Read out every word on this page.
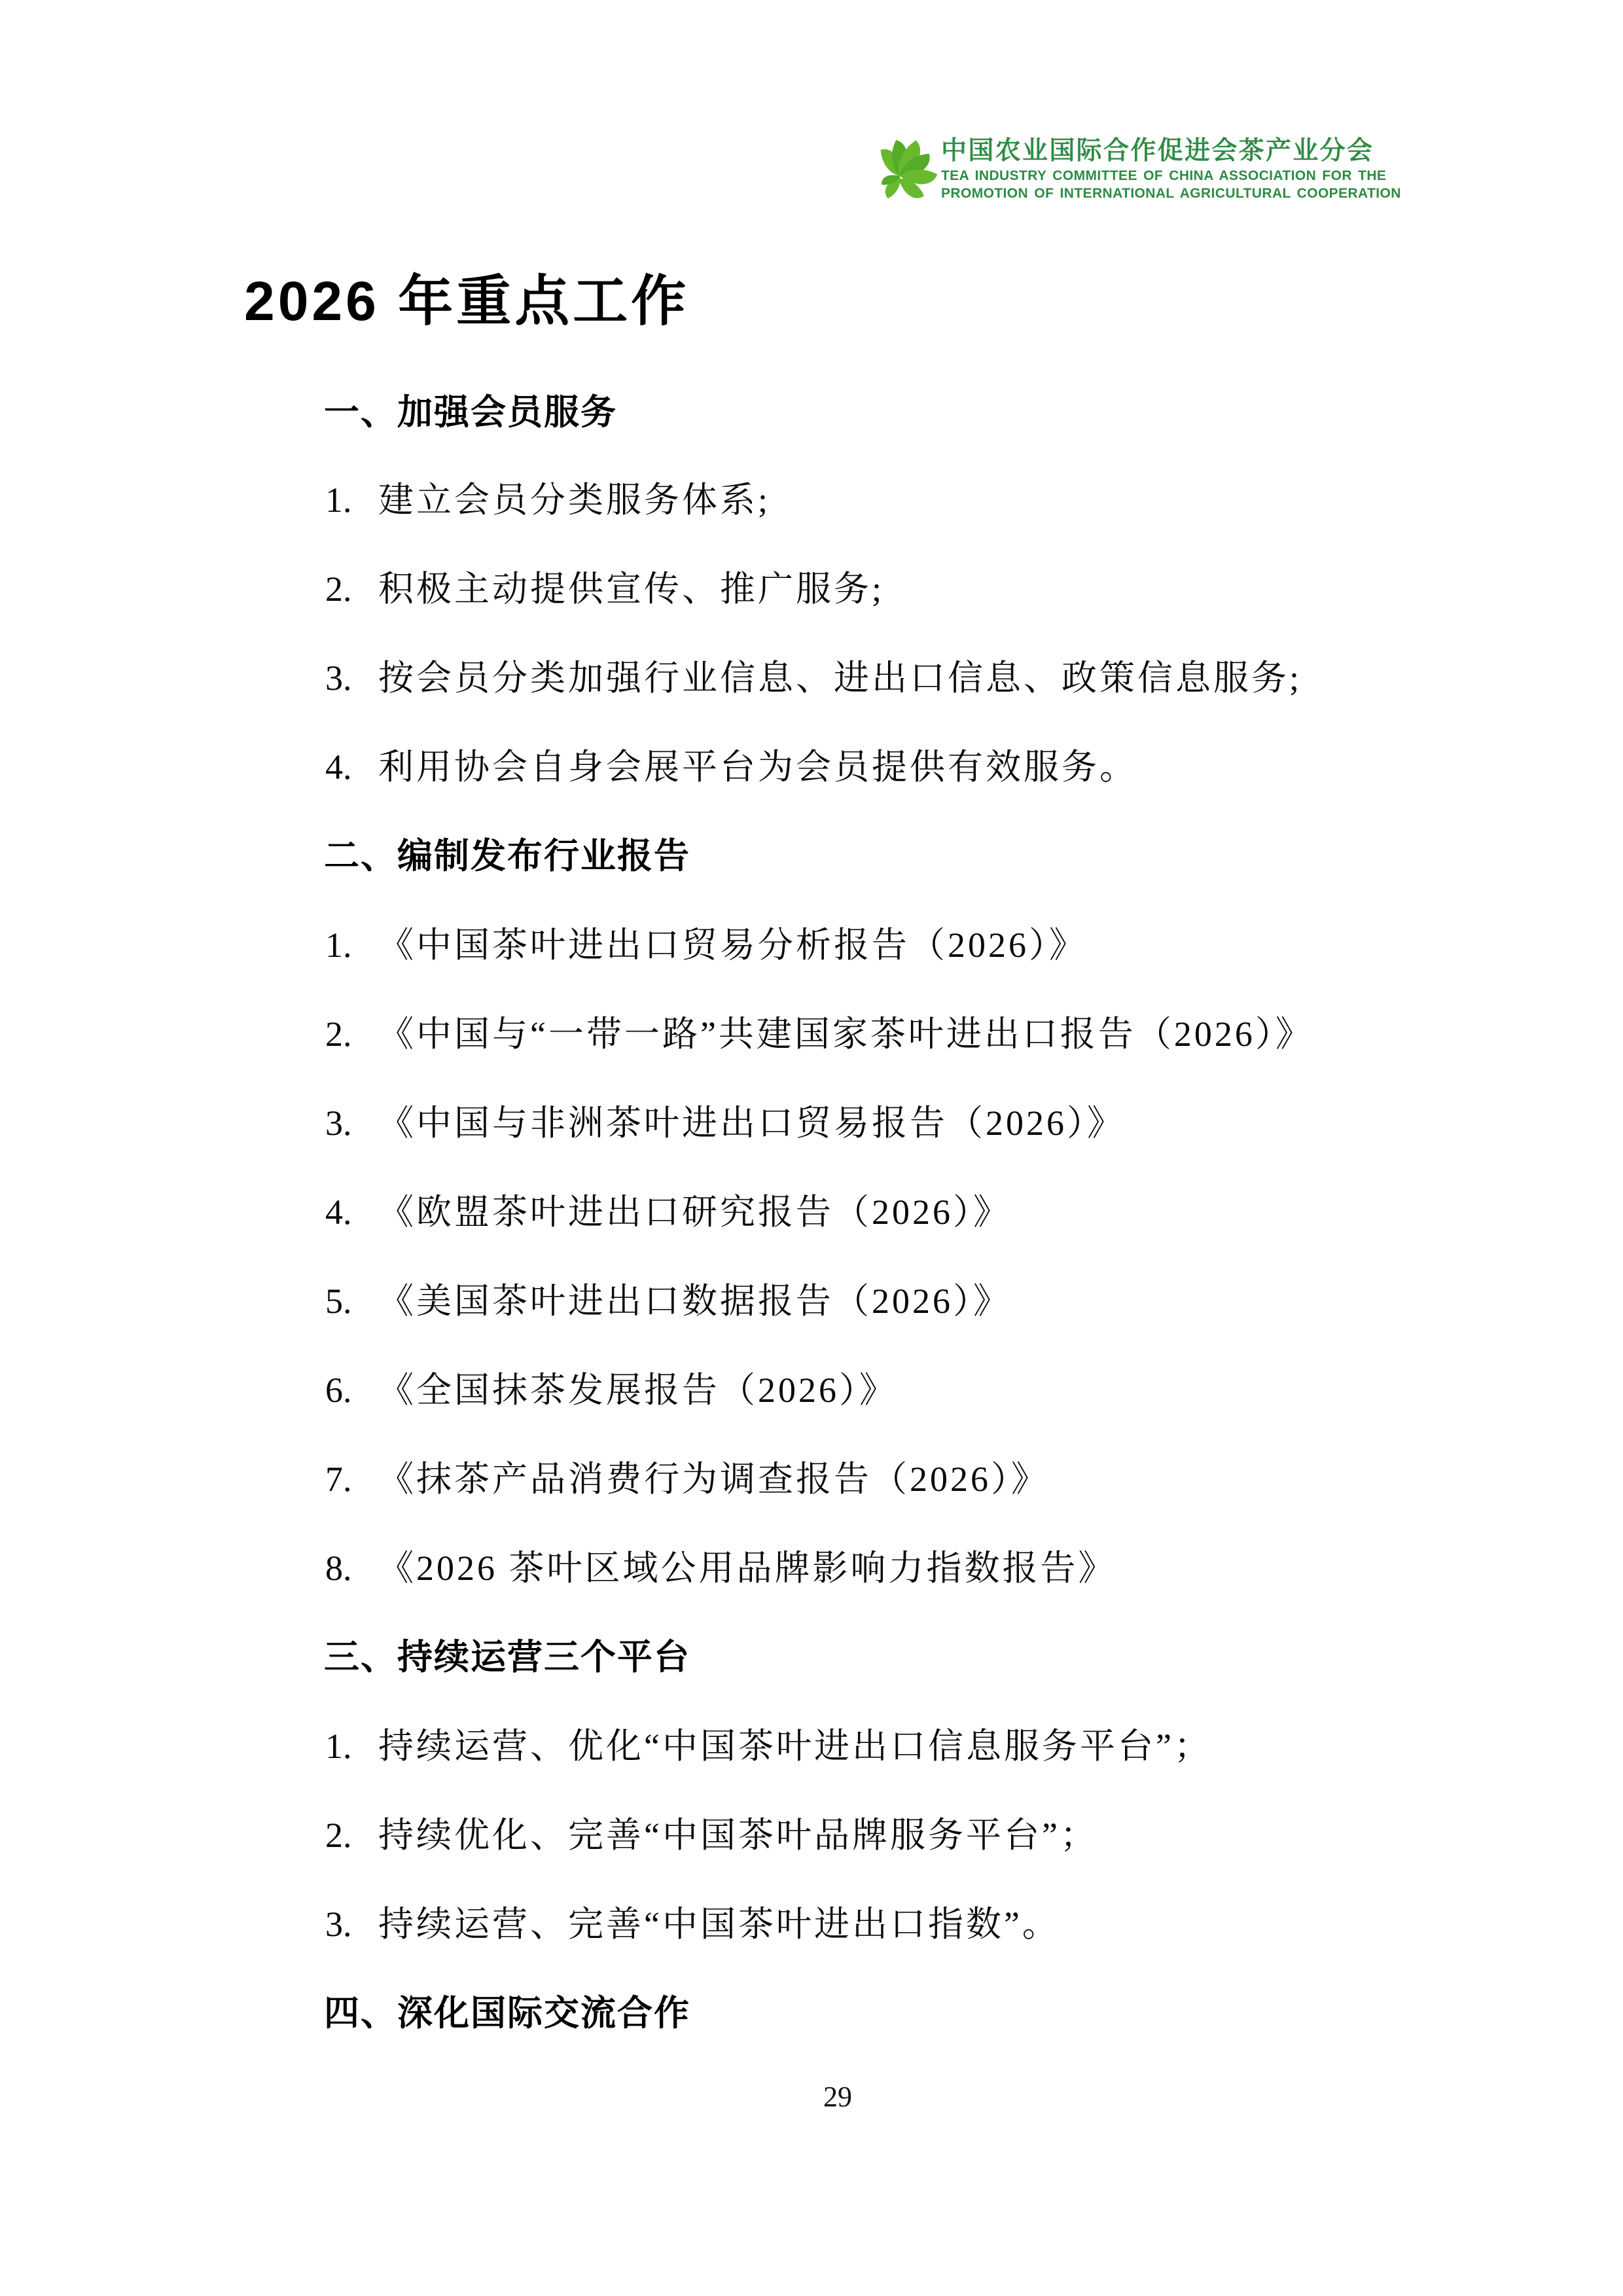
中国农业国际合作促进会茶产业分会
TEA INDUSTRY COMMITTEE OF CHINA ASSOCIATION FOR THE
PROMOTION OF INTERNATIONAL AGRICULTURAL COOPERATION
2026 年重点工作
一、加强会员服务
1. 建立会员分类服务体系;
2. 积极主动提供宣传、推广服务;
3. 按会员分类加强行业信息、进出口信息、政策信息服务;
4. 利用协会自身会展平台为会员提供有效服务。
二、编制发布行业报告
1. 《中国茶叶进出口贸易分析报告（2026）》
2. 《中国与“一带一路”共建国家茶叶进出口报告（2026）》
3. 《中国与非洲茶叶进出口贸易报告（2026）》
4. 《欧盟茶叶进出口研究报告（2026）》
5. 《美国茶叶进出口数据报告（2026）》
6. 《全国抹茶发展报告（2026）》
7. 《抹茶产品消费行为调查报告（2026）》
8. 《2026 茶叶区域公用品牌影响力指数报告》
三、持续运营三个平台
1. 持续运营、优化“中国茶叶进出口信息服务平台”；
2. 持续优化、完善“中国茶叶品牌服务平台”；
3. 持续运营、完善“中国茶叶进出口指数”。
四、深化国际交流合作
29
